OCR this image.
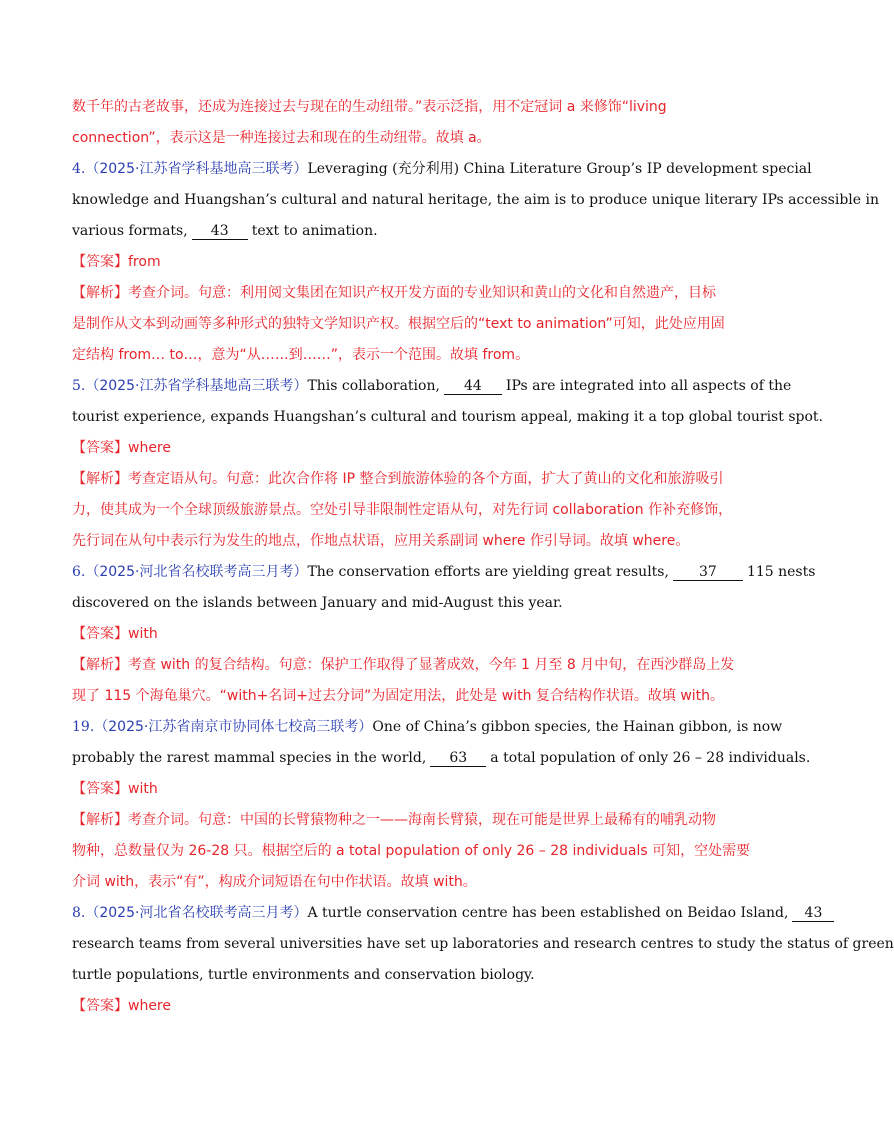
数千年的古老故事，还成为连接过去与现在的生动纽带。”表示泛指，用不定冠词 a 来修饰“living
connection”，表示这是一种连接过去和现在的生动纽带。故填 a。
4.（2025·江苏省学科基地高三联考）Leveraging (充分利用) China Literature Group’s IP development special
knowledge and Huangshan’s cultural and natural heritage, the aim is to produce unique literary IPs accessible in
various formats, 43 text to animation.
【答案】from
【解析】考查介词。句意：利用阅文集团在知识产权开发方面的专业知识和黄山的文化和自然遗产，目标
是制作从文本到动画等多种形式的独特文学知识产权。根据空后的“text to animation”可知，此处应用固
定结构 from… to…，意为“从……到……”，表示一个范围。故填 from。
5.（2025·江苏省学科基地高三联考）This collaboration, 44 IPs are integrated into all aspects of the
tourist experience, expands Huangshan’s cultural and tourism appeal, making it a top global tourist spot.
【答案】where
【解析】考查定语从句。句意：此次合作将 IP 整合到旅游体验的各个方面，扩大了黄山的文化和旅游吸引
力，使其成为一个全球顶级旅游景点。空处引导非限制性定语从句，对先行词 collaboration 作补充修饰，
先行词在从句中表示行为发生的地点，作地点状语，应用关系副词 where 作引导词。故填 where。
6.（2025·河北省名校联考高三月考）The conservation efforts are yielding great results, 37 115 nests
discovered on the islands between January and mid-August this year.
【答案】with
【解析】考查 with 的复合结构。句意：保护工作取得了显著成效，今年 1 月至 8 月中旬，在西沙群岛上发
现了 115 个海龟巢穴。“with+名词+过去分词”为固定用法，此处是 with 复合结构作状语。故填 with。
19.（2025·江苏省南京市协同体七校高三联考）One of China’s gibbon species, the Hainan gibbon, is now
probably the rarest mammal species in the world, 63 a total population of only 26 – 28 individuals.
【答案】with
【解析】考查介词。句意：中国的长臂猿物种之一——海南长臂猿，现在可能是世界上最稀有的哺乳动物
物种，总数量仅为 26-28 只。根据空后的 a total population of only 26 – 28 individuals 可知，空处需要
介词 with，表示“有”，构成介词短语在句中作状语。故填 with。
8.（2025·河北省名校联考高三月考）A turtle conservation centre has been established on Beidao Island, 43
research teams from several universities have set up laboratories and research centres to study the status of green
turtle populations, turtle environments and conservation biology.
【答案】where
